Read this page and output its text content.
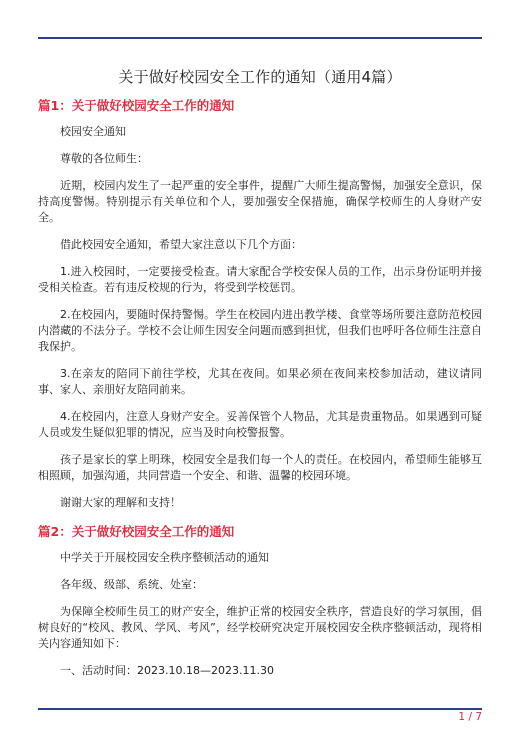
关于做好校园安全工作的通知（通用4篇）
篇1：关于做好校园安全工作的通知

校园安全通知

尊敬的各位师生：

近期，校园内发生了一起严重的安全事件，提醒广大师生提高警惕，加强安全意识，保持高度警惕。特别提示有关单位和个人，要加强安全保措施，确保学校师生的人身财产安全。

借此校园安全通知，希望大家注意以下几个方面：

1.进入校园时，一定要接受检查。请大家配合学校安保人员的工作，出示身份证明并接受相关检查。若有违反校规的行为，将受到学校惩罚。

2.在校园内，要随时保持警惕。学生在校园内进出教学楼、食堂等场所要注意防范校园内潜藏的不法分子。学校不会让师生因安全问题而感到担忧，但我们也呼吁各位师生注意自我保护。

3.在亲友的陪同下前往学校，尤其在夜间。如果必须在夜间来校参加活动，建议请同事、家人、亲朋好友陪同前来。

4.在校园内，注意人身财产安全。妥善保管个人物品，尤其是贵重物品。如果遇到可疑人员或发生疑似犯罪的情况，应当及时向校警报警。

孩子是家长的掌上明珠，校园安全是我们每一个人的责任。在校园内，希望师生能够互相照顾，加强沟通，共同营造一个安全、和谐、温馨的校园环境。

谢谢大家的理解和支持！

篇2：关于做好校园安全工作的通知

中学关于开展校园安全秩序整顿活动的通知

各年级、级部、系统、处室：

为保障全校师生员工的财产安全，维护正常的校园安全秩序，营造良好的学习氛围，倡树良好的“校风、教风、学风、考风”，经学校研究决定开展校园安全秩序整顿活动，现将相关内容通知如下：

一、活动时间：2023.10.18—2023.11.30

1 / 7
